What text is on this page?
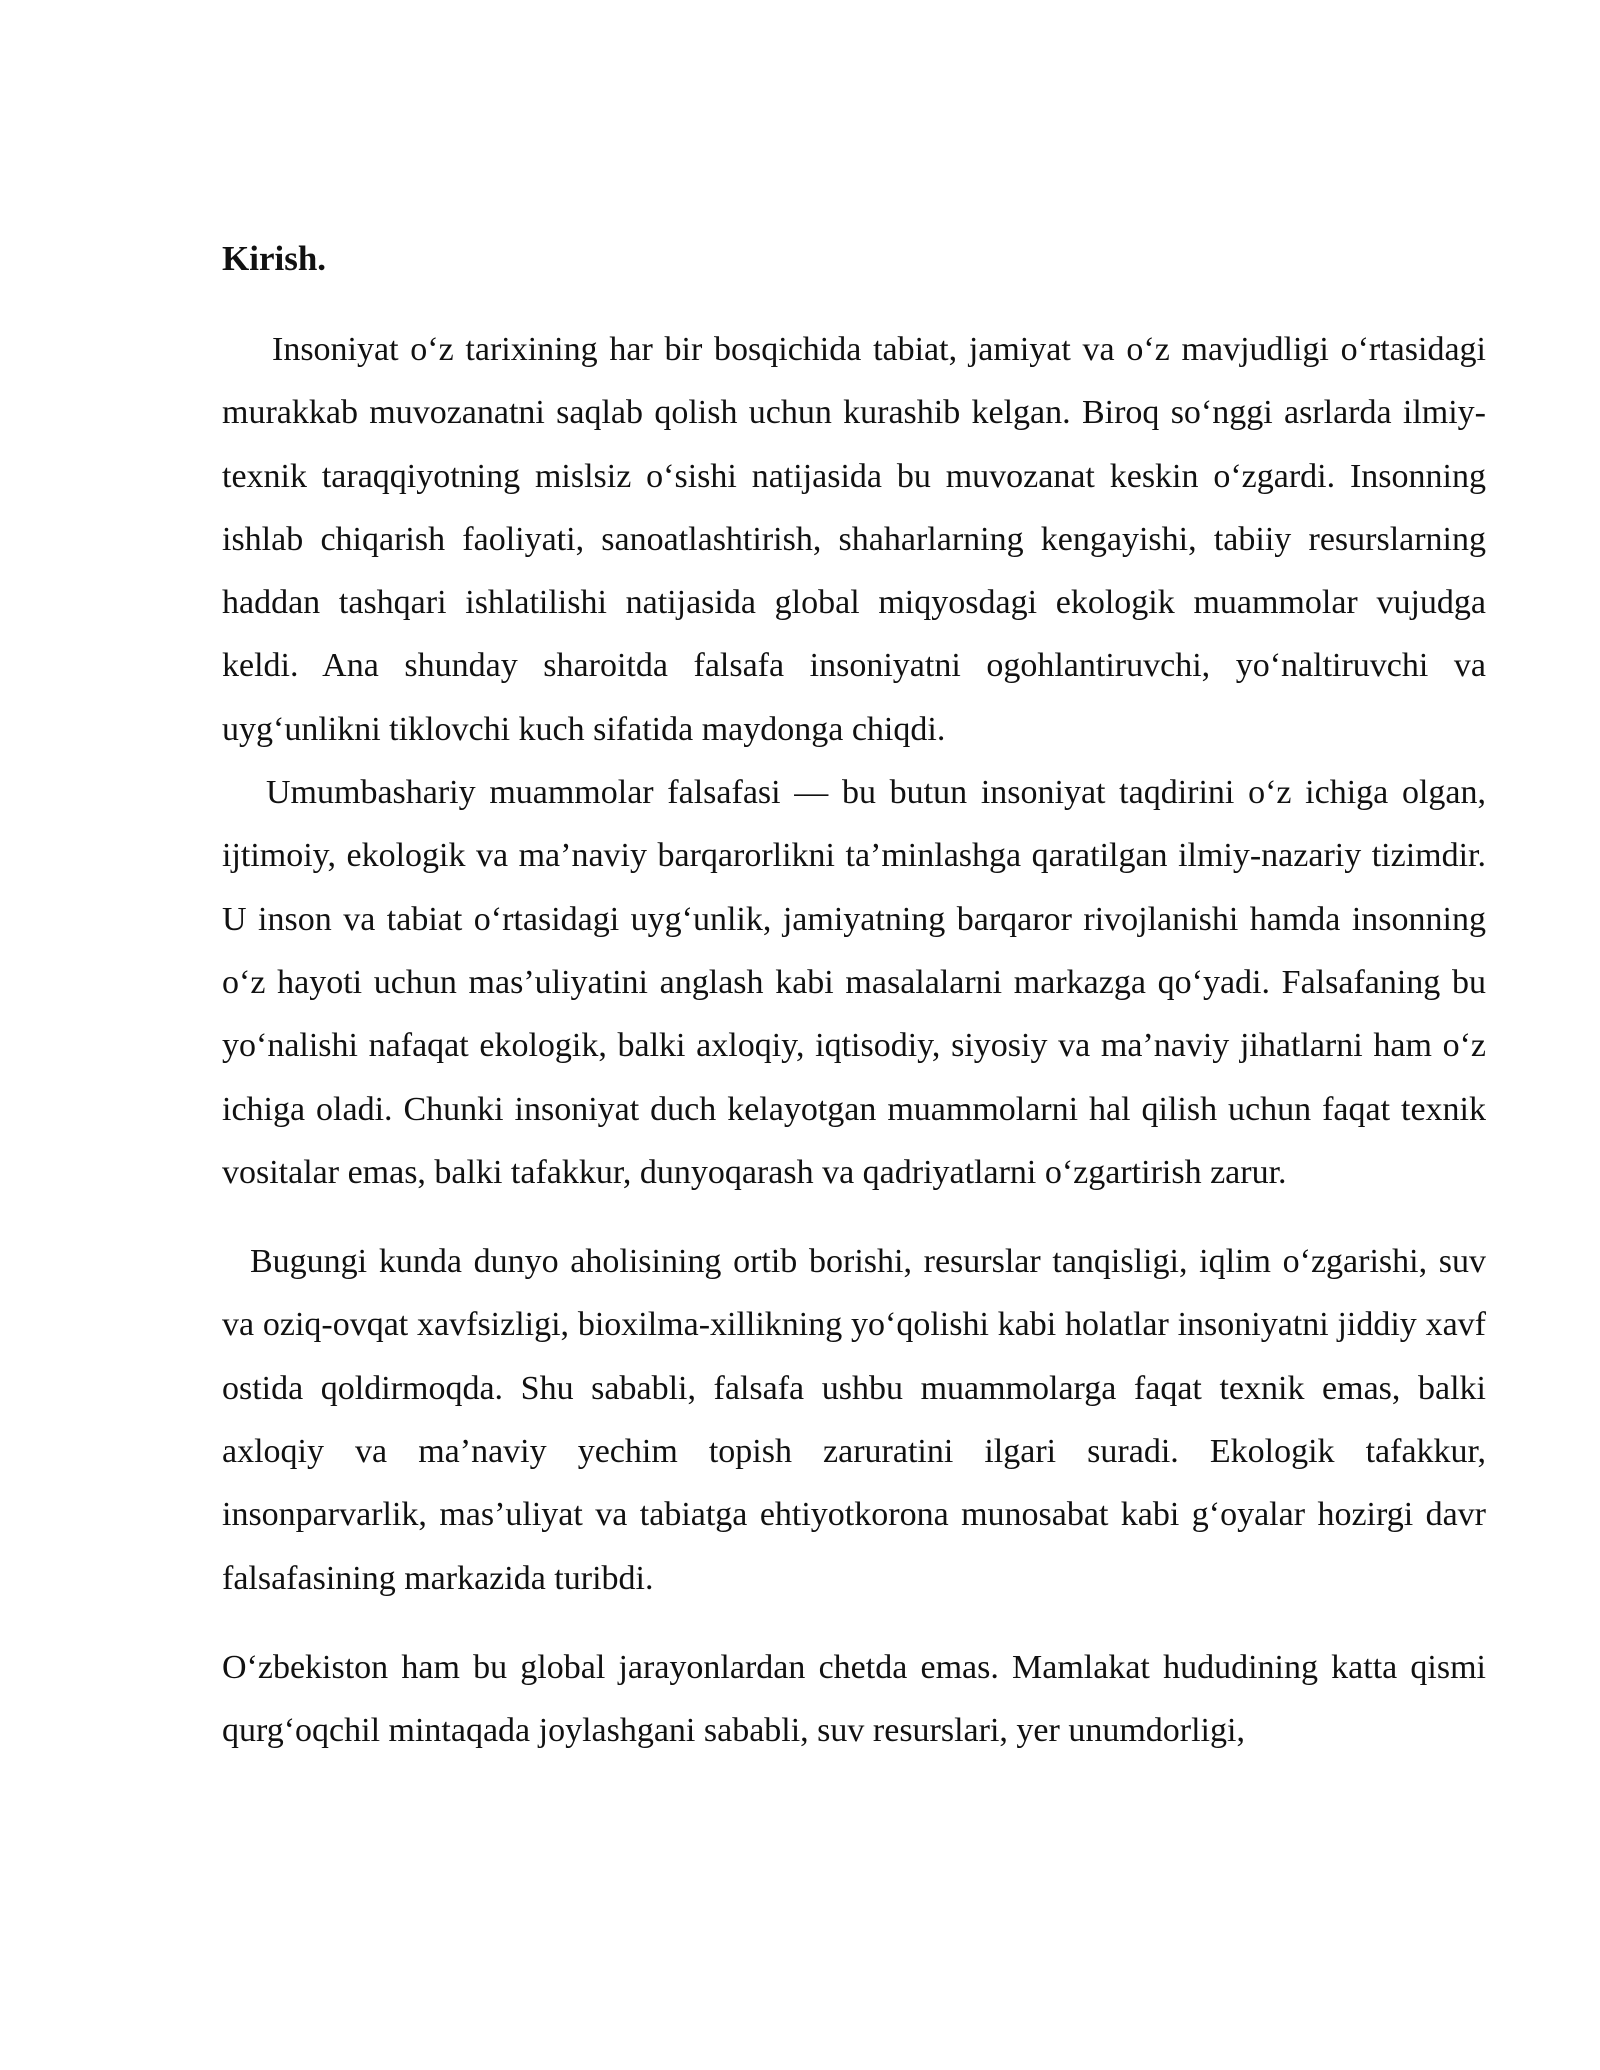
Kirish.

Insoniyat o‘z tarixining har bir bosqichida tabiat, jamiyat va o‘z mavjudligi o‘rtasidagi murakkab muvozanatni saqlab qolish uchun kurashib kelgan. Biroq so‘nggi asrlarda ilmiy-texnik taraqqiyotning mislsiz o‘sishi natijasida bu muvozanat keskin o‘zgardi. Insonning ishlab chiqarish faoliyati, sanoatlashtirish, shaharlarning kengayishi, tabiiy resurslarning haddan tashqari ishlatilishi natijasida global miqyosdagi ekologik muammolar vujudga keldi. Ana shunday sharoitda falsafa insoniyatni ogohlantiruvchi, yo‘naltiruvchi va uyg‘unlikni tiklovchi kuch sifatida maydonga chiqdi.

Umumbashariy muammolar falsafasi — bu butun insoniyat taqdirini o‘z ichiga olgan, ijtimoiy, ekologik va ma’naviy barqarorlikni ta’minlashga qaratilgan ilmiy-nazariy tizimdir. U inson va tabiat o‘rtasidagi uyg‘unlik, jamiyatning barqaror rivojlanishi hamda insonning o‘z hayoti uchun mas’uliyatini anglash kabi masalalarni markazga qo‘yadi. Falsafaning bu yo‘nalishi nafaqat ekologik, balki axloqiy, iqtisodiy, siyosiy va ma’naviy jihatlarni ham o‘z ichiga oladi. Chunki insoniyat duch kelayotgan muammolarni hal qilish uchun faqat texnik vositalar emas, balki tafakkur, dunyoqarash va qadriyatlarni o‘zgartirish zarur.

Bugungi kunda dunyo aholisining ortib borishi, resurslar tanqisligi, iqlim o‘zgarishi, suv va oziq-ovqat xavfsizligi, bioxilma-xillikning yo‘qolishi kabi holatlar insoniyatni jiddiy xavf ostida qoldirmoqda. Shu sababli, falsafa ushbu muammolarga faqat texnik emas, balki axloqiy va ma’naviy yechim topish zaruratini ilgari suradi. Ekologik tafakkur, insonparvarlik, mas’uliyat va tabiatga ehtiyotkorona munosabat kabi g‘oyalar hozirgi davr falsafasining markazida turibdi.

O‘zbekiston ham bu global jarayonlardan chetda emas. Mamlakat hududining katta qismi qurg‘oqchil mintaqada joylashgani sababli, suv resurslari, yer unumdorligi,
